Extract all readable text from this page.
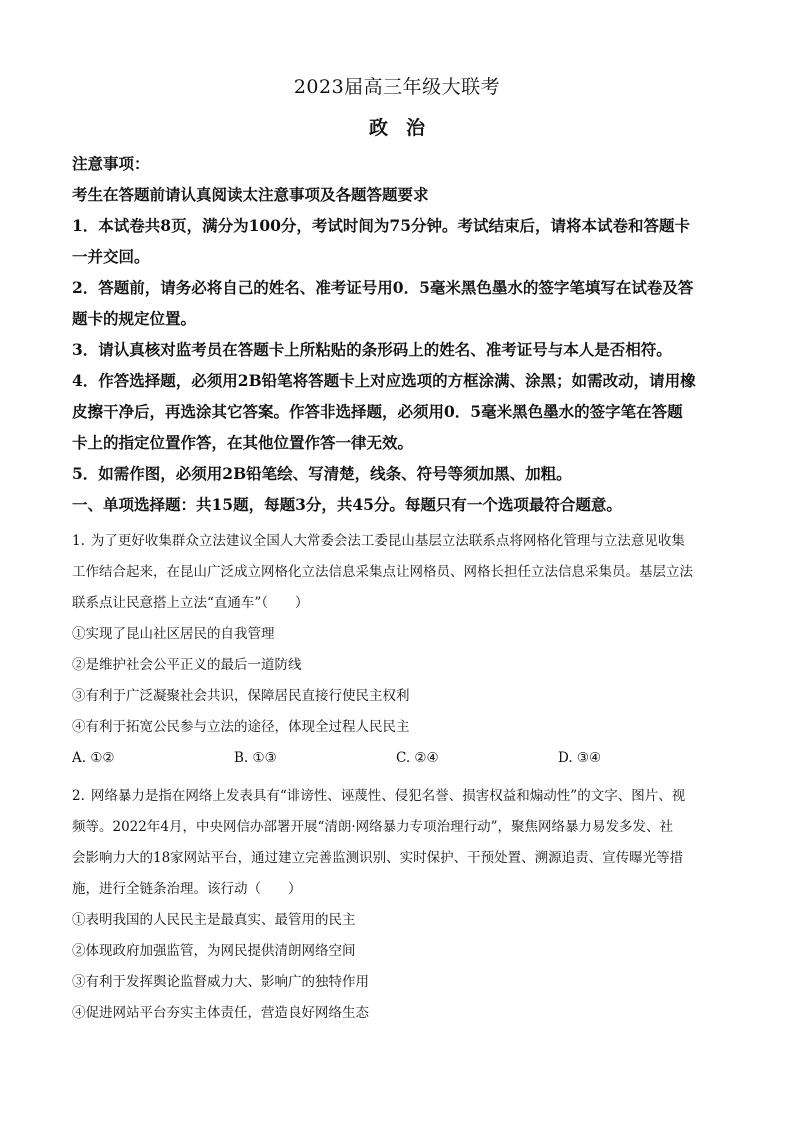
2023届高三年级大联考
政治

注意事项：

考生在答题前请认真阅读太注意事项及各题答题要求

1．本试卷共8页，满分为100分，考试时间为75分钟。考试结束后，请将本试卷和答题卡

一并交回。

2．答题前，请务必将自己的姓名、准考证号用0．5毫米黑色墨水的签字笔填写在试卷及答

题卡的规定位置。

3．请认真核对监考员在答题卡上所粘贴的条形码上的姓名、准考证号与本人是否相符。

4．作答选择题，必须用2B铅笔将答题卡上对应选项的方框涂满、涂黑；如需改动，请用橡

皮擦干净后，再选涂其它答案。作答非选择题，必须用0．5毫米黑色墨水的签字笔在答题

卡上的指定位置作答，在其他位置作答一律无效。

5．如需作图，必须用2B铅笔绘、写清楚，线条、符号等须加黑、加粗。

一、单项选择题：共15题，每题3分，共45分。每题只有一个选项最符合题意。

1. 为了更好收集群众立法建议全国人大常委会法工委昆山基层立法联系点将网格化管理与立法意见收集

工作结合起来，在昆山广泛成立网格化立法信息采集点让网格员、网格长担任立法信息采集员。基层立法

联系点让民意搭上立法“直通车”（　　）

①实现了昆山社区居民的自我管理

②是维护社会公平正义的最后一道防线

③有利于广泛凝聚社会共识，保障居民直接行使民主权利

④有利于拓宽公民参与立法的途径，体现全过程人民民主

A. ①②	B. ①③	C. ②④	D. ③④

2. 网络暴力是指在网络上发表具有“诽谤性、诬蔑性、侵犯名誉、损害权益和煽动性”的文字、图片、视

频等。2022年4月，中央网信办部署开展“清朗·网络暴力专项治理行动”，聚焦网络暴力易发多发、社

会影响力大的18家网站平台，通过建立完善监测识别、实时保护、干预处置、溯源追责、宣传曝光等措

施，进行全链条治理。该行动（　　）

①表明我国的人民民主是最真实、最管用的民主

②体现政府加强监管，为网民提供清朗网络空间

③有利于发挥舆论监督威力大、影响广的独特作用

④促进网站平台夯实主体责任，营造良好网络生态
